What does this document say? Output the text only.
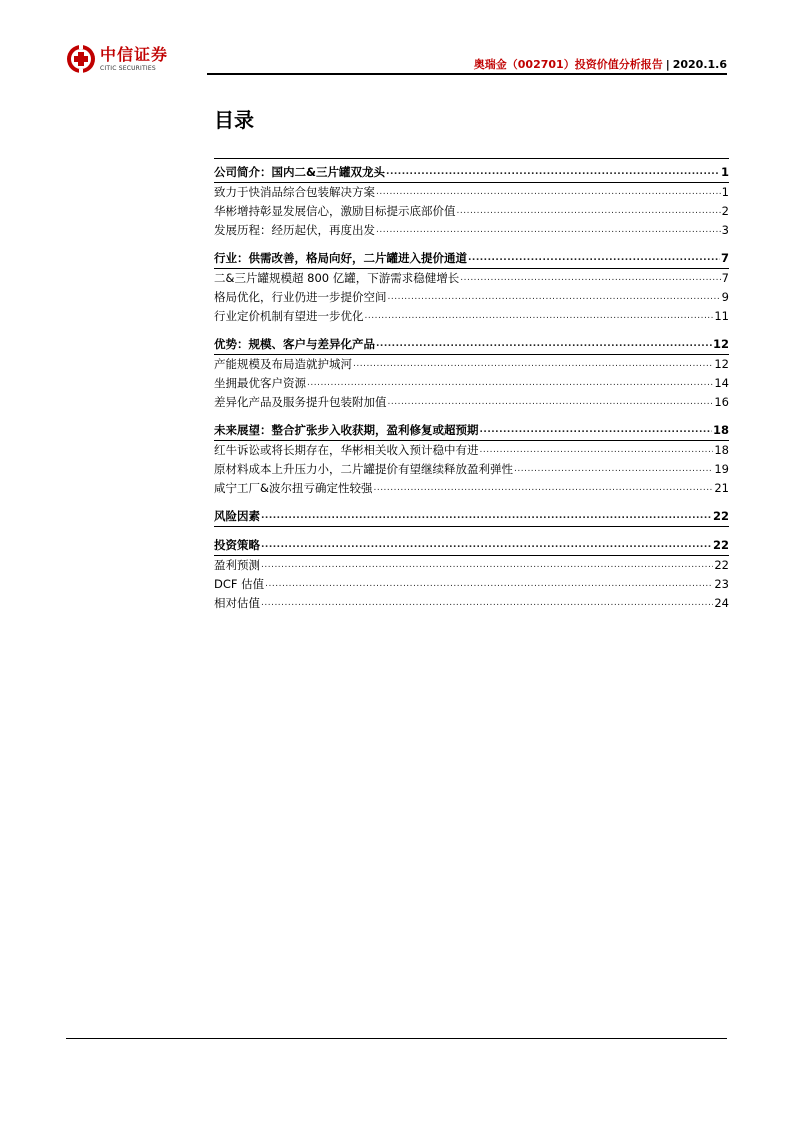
中信证券
CITIC SECURITIES	奥瑞金（002701）投资价值分析报告 | 2020.1.6
目录
公司简介：国内二&三片罐双龙头 .....	1
致力于快消品综合包装解决方案 .....	1
华彬增持彰显发展信心，激励目标提示底部价值 .....	2
发展历程：经历起伏，再度出发 .....	3
行业：供需改善，格局向好，二片罐进入提价通道 .....	7
二&三片罐规模超 800 亿罐，下游需求稳健增长 .....	7
格局优化，行业仍进一步提价空间 .....	9
行业定价机制有望进一步优化 .....	11
优势：规模、客户与差异化产品 .....	12
产能规模及布局造就护城河 .....	12
坐拥最优客户资源 .....	14
差异化产品及服务提升包装附加值 .....	16
未来展望：整合扩张步入收获期，盈利修复或超预期 .....	18
红牛诉讼或将长期存在，华彬相关收入预计稳中有进 .....	18
原材料成本上升压力小，二片罐提价有望继续释放盈利弹性 .....	19
咸宁工厂&波尔扭亏确定性较强 .....	21
风险因素 .....	22
投资策略 .....	22
盈利预测 .....	22
DCF 估值 .....	23
相对估值 .....	24
